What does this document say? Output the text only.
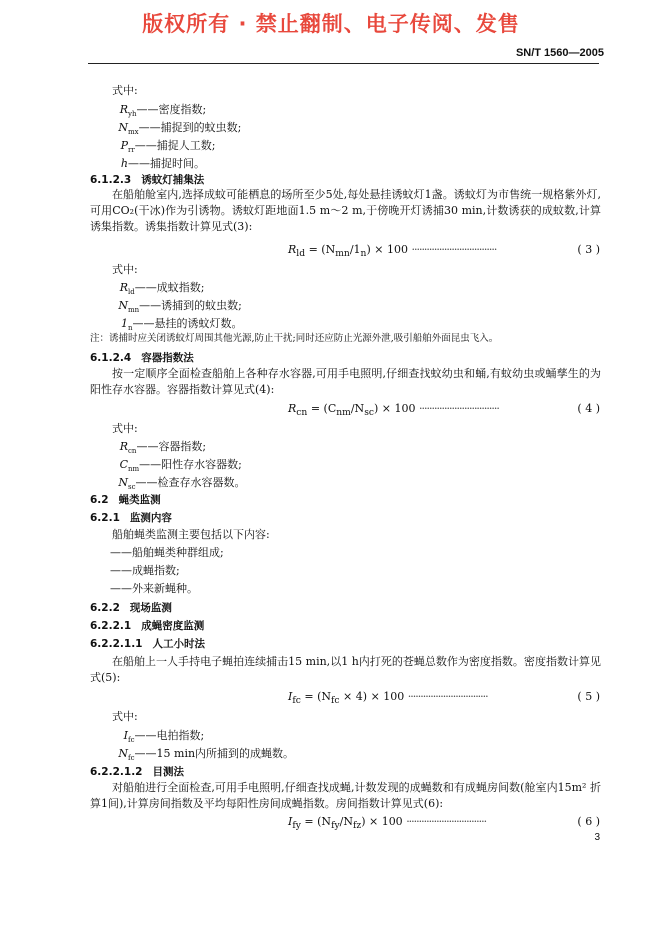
版权所有 · 禁止翻制、电子传阅、发售
SN/T 1560—2005
式中:
$R_{yh}——$密度指数;
$N_{mx}——$捕捉到的蚊虫数;
$P_{rr}——$捕捉人工数;
h——捕捉时间。
6.1.2.3 诱蚊灯捕集法
在船舶舱室内,选择成蚊可能栖息的场所至少5处,每处悬挂诱蚊灯1盏。诱蚊灯为市售统一规格紫外灯,可用CO₂(干冰)作为引诱物。诱蚊灯距地面1.5 m～2 m,于傍晚开灯诱捕30 min,计数诱获的成蚊数,计算诱集指数。诱集指数计算见式(3):
$R_{ld} = (N_{mn}/1_n) \times 100$ ··································	( 3 )
式中:
$R_{ld}——$成蚊指数;
$N_{mn}——$诱捕到的蚊虫数;
$1_n——$悬挂的诱蚊灯数。
注：诱捕时应关闭诱蚊灯周围其他光源,防止干扰;同时还应防止光源外泄,吸引船舶外面昆虫飞入。
6.1.2.4 容器指数法
按一定顺序全面检查船舶上各种存水容器,可用手电照明,仔细查找蚊幼虫和蛹,有蚊幼虫或蛹孳生的为阳性存水容器。容器指数计算见式(4):
$R_{cn} = (C_{nm}/N_{sc}) \times 100$ ································	( 4 )
式中:
$R_{cn}——$容器指数;
$C_{nm}——$阳性存水容器数;
$N_{sc}——$检查存水容器数。
6.2 蝇类监测
6.2.1 监测内容
船舶蝇类监测主要包括以下内容:
——船舶蝇类种群组成;
——成蝇指数;
——外来新蝇种。
6.2.2 现场监测
6.2.2.1 成蝇密度监测
6.2.2.1.1 人工小时法
在船舶上一人手持电子蝇拍连续捕击15 min,以1 h内打死的苍蝇总数作为密度指数。密度指数计算见式(5):
$I_{fc} = (N_{fc} \times 4) \times 100$ ································	( 5 )
式中:
$I_{fc}——$电拍指数;
$N_{fc}——15$ min内所捕到的成蝇数。
6.2.2.1.2 目测法
对船舶进行全面检查,可用手电照明,仔细查找成蝇,计数发现的成蝇数和有成蝇房间数(舱室内15m² 折算1间),计算房间指数及平均每阳性房间成蝇指数。房间指数计算见式(6):
$I_{fy} = (N_{fy}/N_{fz}) \times 100$ ································	( 6 )
3
